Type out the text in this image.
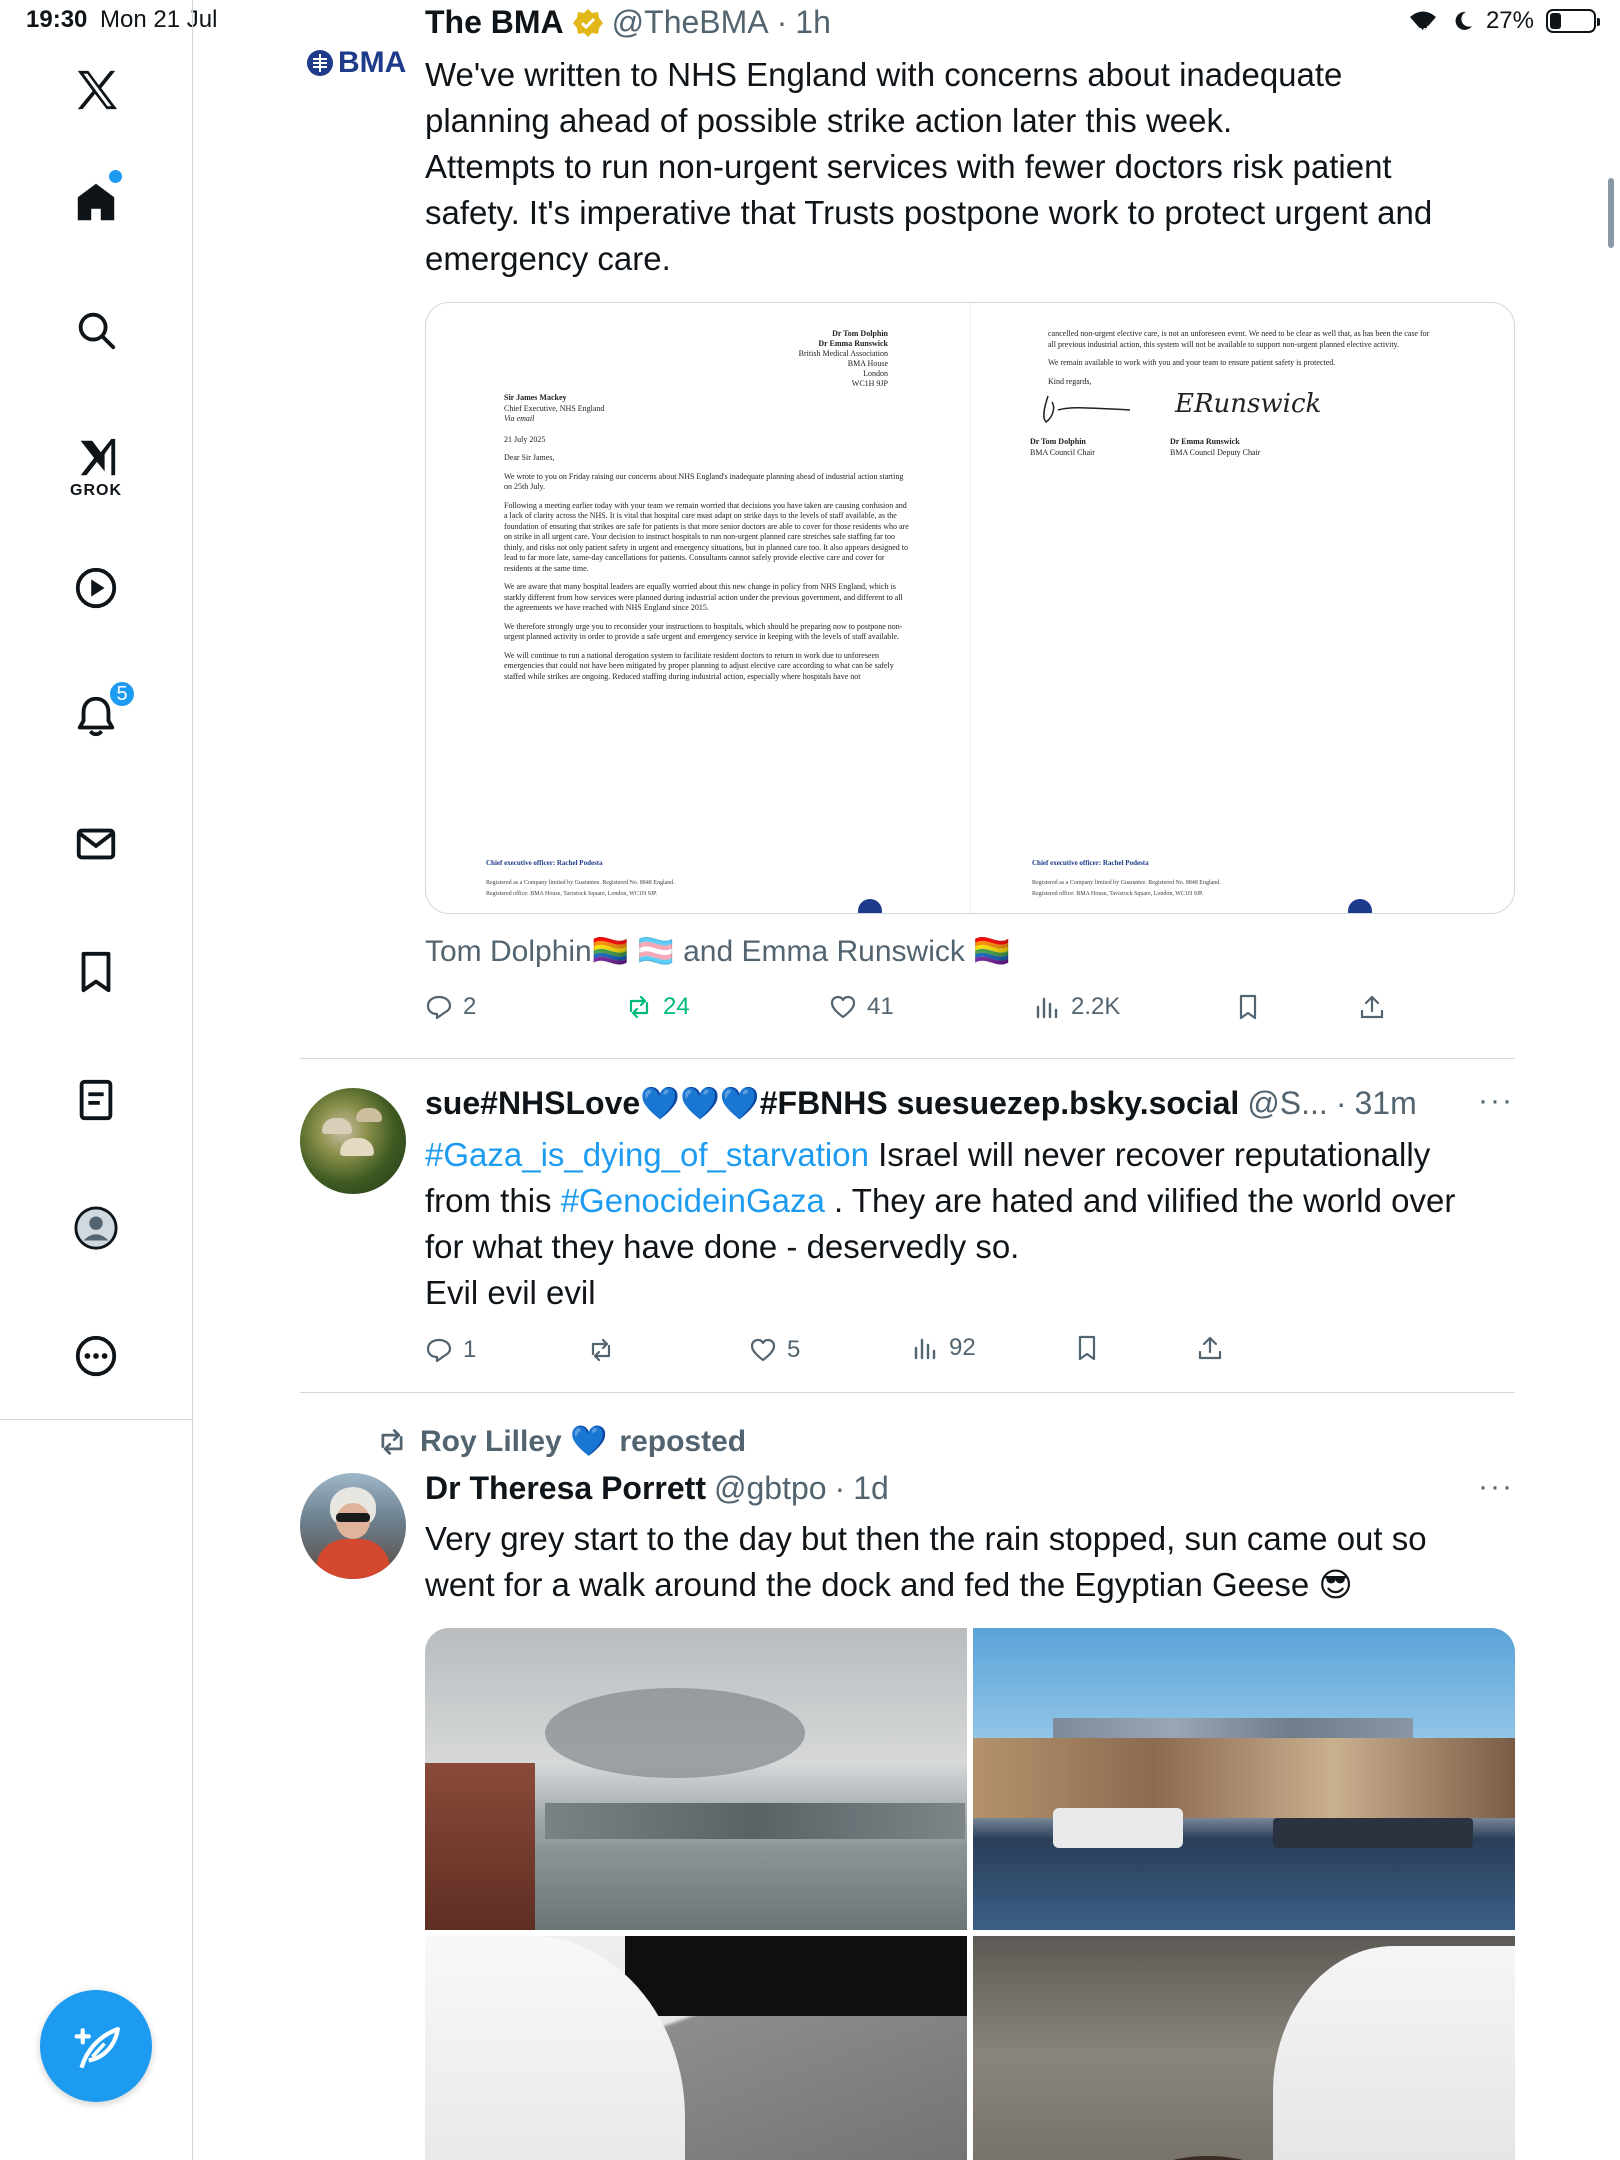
19:30 Mon 21 Jul	xI 27%
GROK
5
BMA
The BMA @TheBMA · 1h
We've written to NHS England with concerns about inadequate
planning ahead of possible strike action later this week.
Attempts to run non-urgent services with fewer doctors risk patient
safety. It's imperative that Trusts postpone work to protect urgent and
emergency care.
Dr Tom Dolphin
Dr Emma Runswick
British Medical Association
BMA House
London
WC1H 9JP
Sir James Mackey
Chief Executive, NHS England
Via email

21 July 2025

Dear Sir James,

We wrote to you on Friday raising our concerns about NHS England's inadequate planning ahead of industrial action starting on 25th July.

Following a meeting earlier today with your team we remain worried that decisions you have taken are causing confusion and a lack of clarity across the NHS. It is vital that hospital care must adapt on strike days to the levels of staff available, as the foundation of ensuring that strikes are safe for patients is that more senior doctors are able to cover for those residents who are on strike in all urgent care. Your decision to instruct hospitals to run non-urgent planned care stretches safe staffing far too thinly, and risks not only patient safety in urgent and emergency situations, but in planned care too. It also appears designed to lead to far more late, same-day cancellations for patients. Consultants cannot safely provide elective care and cover for residents at the same time.

We are aware that many hospital leaders are equally worried about this new change in policy from NHS England, which is starkly different from how services were planned during industrial action under the previous government, and different to all the agreements we have reached with NHS England since 2015.

We therefore strongly urge you to reconsider your instructions to hospitals, which should be preparing now to postpone non-urgent planned activity in order to provide a safe urgent and emergency service in keeping with the levels of staff available.

We will continue to run a national derogation system to facilitate resident doctors to return to work due to unforeseen emergencies that could not have been mitigated by proper planning to adjust elective care according to what can be safely staffed while strikes are ongoing. Reduced staffing during industrial action, especially where hospitals have not

Chief executive officer: Rachel Podesta
Registered as a Company limited by Guarantee. Registered No. 8848 England.
Registered office: BMA House, Tavistock Square, London, WC1H 9JP.

cancelled non-urgent elective care, is not an unforeseen event. We need to be clear as well that, as has been the case for all previous industrial action, this system will not be available to support non-urgent planned elective activity.

We remain available to work with you and your team to ensure patient safety is protected.

Kind regards,

ERunswick
Dr Tom Dolphin
BMA Council Chair
Dr Emma Runswick
BMA Council Deputy Chair
Chief executive officer: Rachel Podesta
Registered as a Company limited by Guarantee. Registered No. 8848 England.
Registered office: BMA House, Tavistock Square, London, WC1H 9JP.
Tom Dolphin🏳️‍🌈 🏳️‍⚧️ and Emma Runswick 🏳️‍🌈
2	24	41	2.2K
sue#NHSLove💙💙💙#FBNHS suesuezep.bsky.social @S... · 31m ···
#Gaza_is_dying_of_starvation Israel will never recover reputationally
from this #GenocideinGaza . They are hated and vilified the world over
for what they have done - deservedly so.
Evil evil evil
1	5	92
Roy Lilley 💙 reposted
Dr Theresa Porrett @gbtpo · 1d	···
Very grey start to the day but then the rain stopped, sun came out so
went for a walk around the dock and fed the Egyptian Geese 😎
